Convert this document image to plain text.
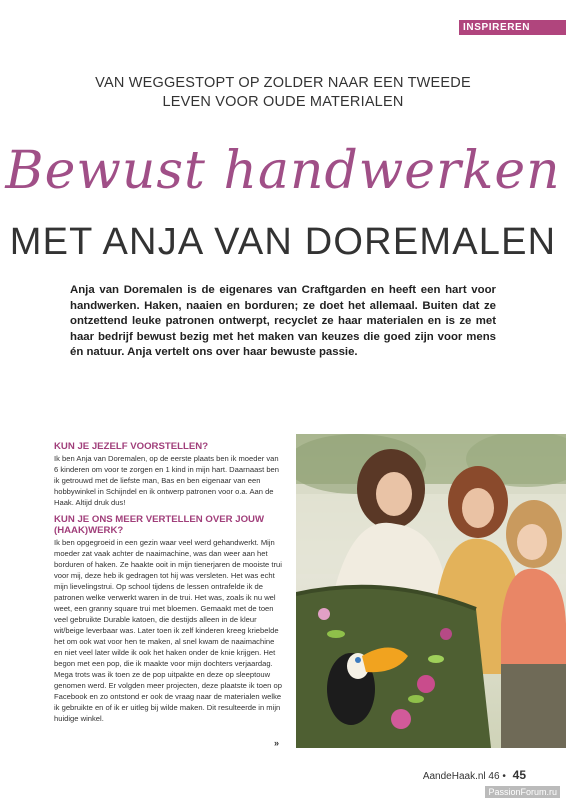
INSPIREREN
VAN WEGGESTOPT OP ZOLDER NAAR EEN TWEEDE
LEVEN VOOR OUDE MATERIALEN
Bewust handwerken
MET ANJA VAN DOREMALEN
Anja van Doremalen is de eigenares van Craftgarden en heeft een hart voor handwerken. Haken, naaien en borduren; ze doet het allemaal. Buiten dat ze ontzettend leuke patronen ontwerpt, recyclet ze haar materialen en is ze met haar bedrijf bewust bezig met het maken van keuzes die goed zijn voor mens én natuur. Anja vertelt ons over haar bewuste passie.
KUN JE JEZELF VOORSTELLEN?

Ik ben Anja van Doremalen, op de eerste plaats ben ik moeder van 6 kinderen om voor te zorgen en 1 kind in mijn hart. Daarnaast ben ik getrouwd met de liefste man, Bas en ben eigenaar van een hobbywinkel in Schijndel en ik ontwerp patronen voor o.a. Aan de Haak. Altijd druk dus!

KUN JE ONS MEER VERTELLEN OVER JOUW (HAAK)WERK?

Ik ben opgegroeid in een gezin waar veel werd gehandwerkt. Mijn moeder zat vaak achter de naaimachine, was dan weer aan het borduren of haken. Ze haakte ooit in mijn tienerjaren de mooiste trui voor mij, deze heb ik gedragen tot hij was versleten. Het was echt mijn lievelingstrui. Op school tijdens de lessen ontrafelde ik de patronen welke verwerkt waren in de trui. Het was, zoals ik nu wel weet, een granny square trui met bloemen. Gemaakt met de toen veel gebruikte Durable katoen, die destijds alleen in de kleur wit/beige leverbaar was. Later toen ik zelf kinderen kreeg kriebelde het om ook wat voor hen te maken, al snel kwam de naaimachine en niet veel later wilde ik ook het haken onder de knie krijgen. Het begon met een pop, die ik maakte voor mijn dochters verjaardag. Mega trots was ik toen ze de pop uitpakte en deze op sleeptouw genomen werd. Er volgden meer projecten, deze plaatste ik toen op Facebook en zo ontstond er ook de vraag naar de materialen welke ik gebruikte en of ik er uitleg bij wilde maken. Dit resulteerde in mijn huidige winkel.

»
AandeHaak.nl 46 • 45
PassionForum.ru
